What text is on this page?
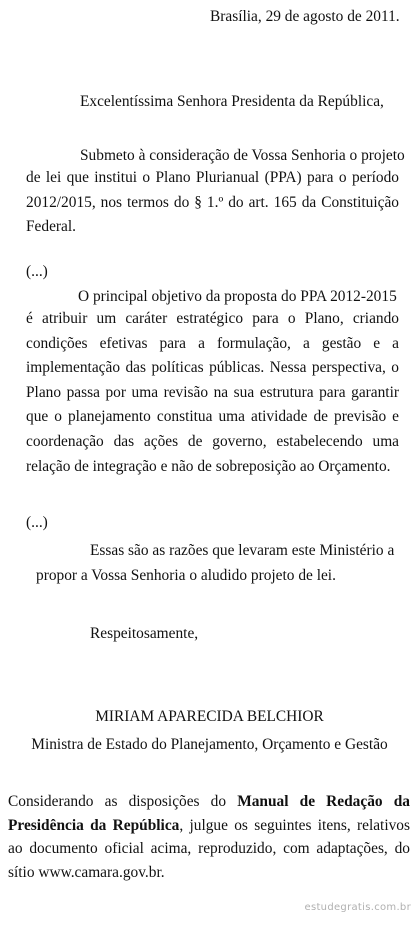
Brasília, 29 de agosto de 2011.
Excelentíssima Senhora Presidenta da República,
Submeto à consideração de Vossa Senhoria o projeto

de lei que institui o Plano Plurianual (PPA) para o período 2012/2015, nos termos do § 1.º do art. 165 da Constituição Federal.

(...)
O principal objetivo da proposta do PPA 2012-2015

é atribuir um caráter estratégico para o Plano, criando condições efetivas para a formulação, a gestão e a implementação das políticas públicas. Nessa perspectiva, o Plano passa por uma revisão na sua estrutura para garantir que o planejamento constitua uma atividade de previsão e coordenação das ações de governo, estabelecendo uma relação de integração e não de sobreposição ao Orçamento.

(...)
Essas são as razões que levaram este Ministério a
propor a Vossa Senhoria o aludido projeto de lei.
Respeitosamente,
MIRIAM APARECIDA BELCHIOR
Ministra de Estado do Planejamento, Orçamento e Gestão

Considerando as disposições do Manual de Redação da Presidência da República, julgue os seguintes itens, relativos ao documento oficial acima, reproduzido, com adaptações, do sítio www.camara.gov.br.

estudegratis.com.br
